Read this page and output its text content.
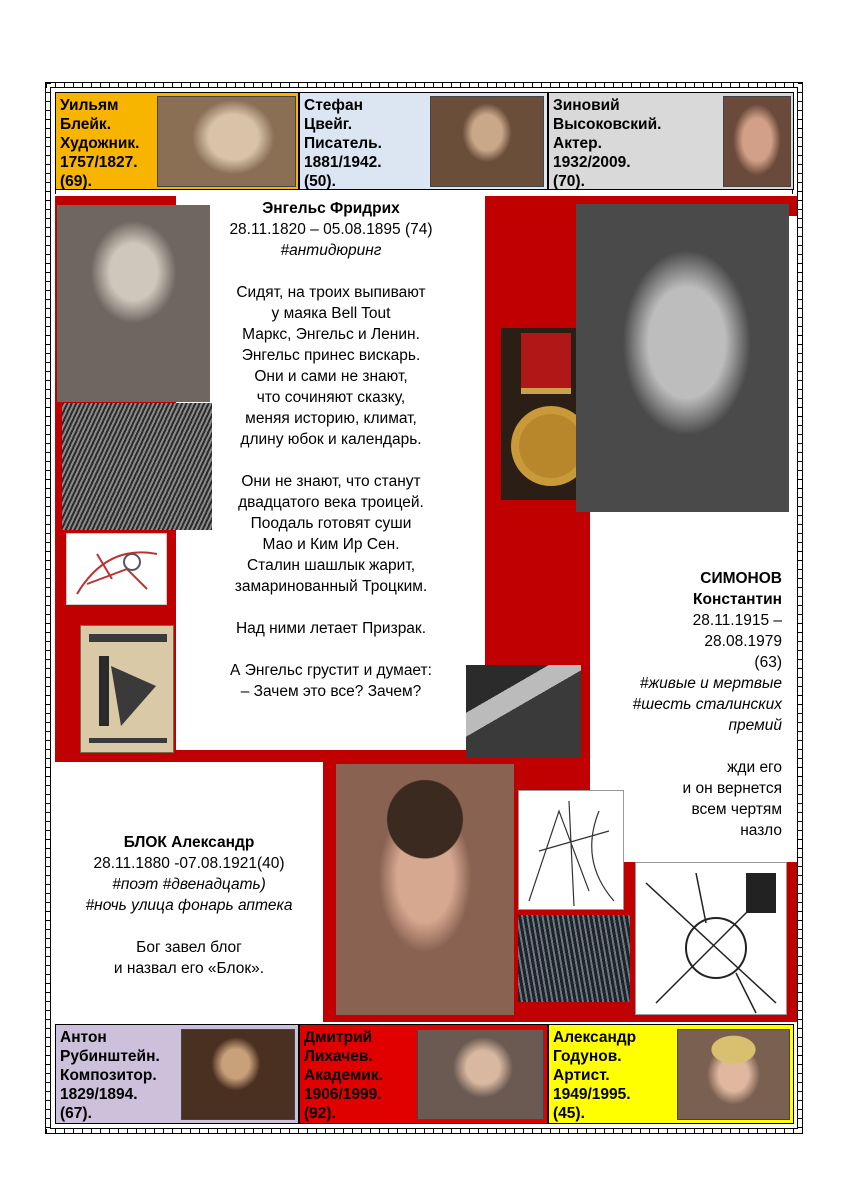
Уильям
Блейк.
Художник.
1757/1827.
(69).
Стефан
Цвейг.
Писатель.
1881/1942.
(50).
Зиновий
Высоковский.
Актер.
1932/2009.
(70).
Энгельс Фридрих
28.11.1820 – 05.08.1895 (74)
#антидюринг
Сидят, на троих выпивают
у маяка Bell Tout
Маркс, Энгельс и Ленин.
Энгельс принес вискарь.
Они и сами не знают,
что сочиняют сказку,
меняя историю, климат,
длину юбок и календарь.
Они не знают, что станут
двадцатого века троицей.
Поодаль готовят суши
Мао и Ким Ир Сен.
Сталин шашлык жарит,
замаринованный Троцким.
Над ними летает Призрак.
А Энгельс грустит и думает:
– Зачем это все? Зачем?
СИМОНОВ
Константин
28.11.1915 –
28.08.1979
(63)
#живые и мертвые
#шесть сталинских
премий
жди его
и он вернется
всем чертям
назло
БЛОК Александр
28.11.1880 -07.08.1921(40)
#поэт #двенадцать)
#ночь улица фонарь аптека
Бог завел блог
и назвал его «Блок».
Антон
Рубинштейн.
Композитор.
1829/1894.
(67).
Дмитрий
Лихачев.
Академик.
1906/1999.
(92).
Александр
Годунов.
Артист.
1949/1995.
(45).
